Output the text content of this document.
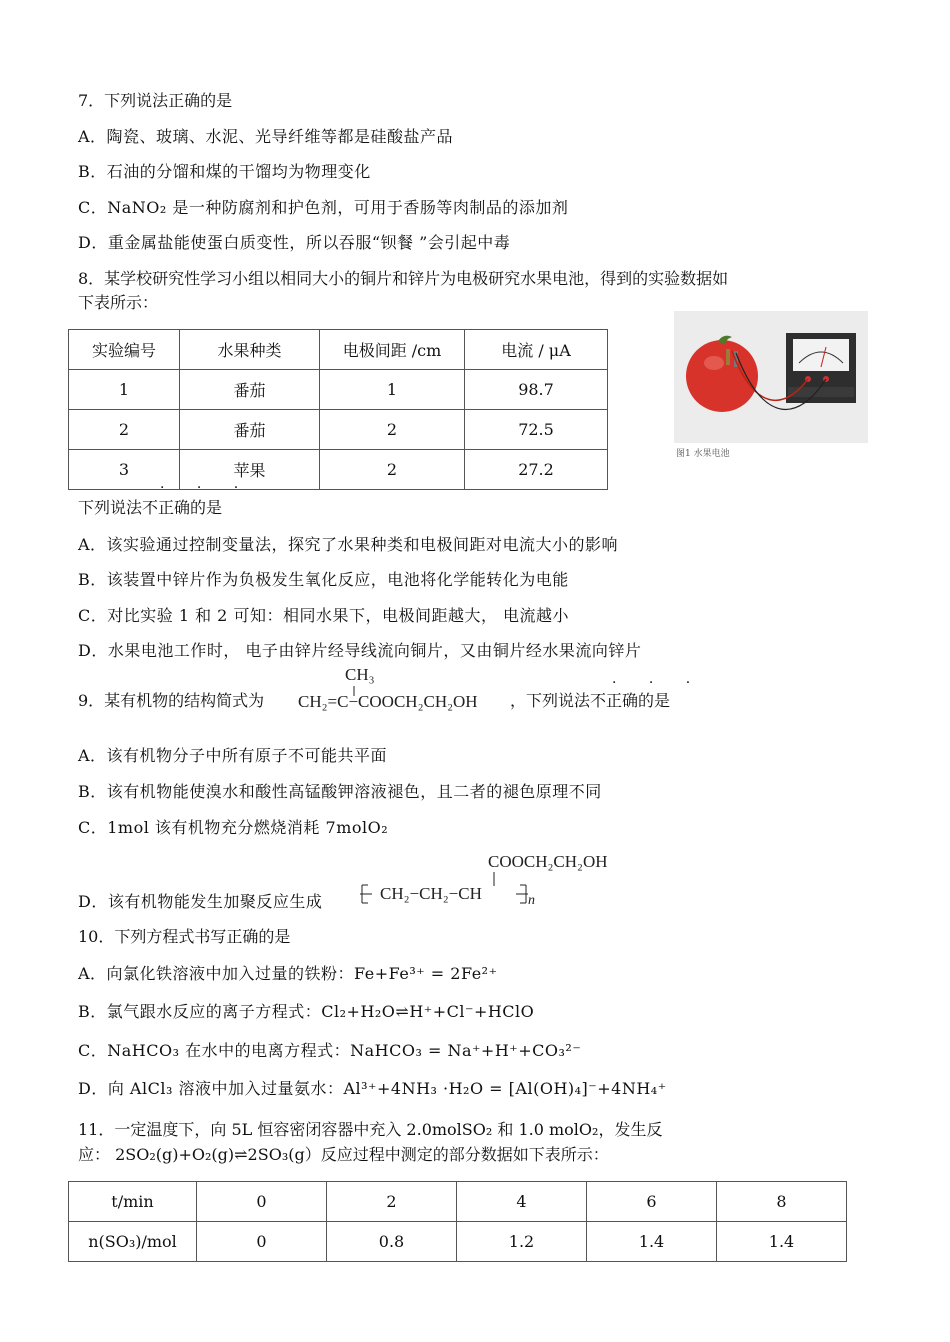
7．下列说法正确的是
A．陶瓷、玻璃、水泥、光导纤维等都是硅酸盐产品
B．石油的分馏和煤的干馏均为物理变化
C．NaNO₂ 是一种防腐剂和护色剂，可用于香肠等肉制品的添加剂
D．重金属盐能使蛋白质变性，所以吞服“钡餐 ”会引起中毒
8．某学校研究性学习小组以相同大小的铜片和锌片为电极研究水果电池，得到的实验数据如
下表所示：
实验编号	水果种类	电极间距 /cm	电流 / μA
1	番茄	1	98.7
2	番茄	2	72.5
3	苹果	2	27.2
图1 水果电池
· · ·
下列说法不正确的是
A．该实验通过控制变量法，探究了水果种类和电极间距对电流大小的影响
B．该装置中锌片作为负极发生氧化反应，电池将化学能转化为电能
C．对比实验 1 和 2 可知：相同水果下，电极间距越大， 电流越小
D．水果电池工作时， 电子由锌片经导线流向铜片，又由铜片经水果流向锌片
9．某有机物的结构简式为
CH₃
CH₂=C−COOCH₂CH₂OH
· · ·
，下列说法不正确的是
A．该有机物分子中所有原子不可能共平面
B．该有机物能使溴水和酸性高锰酸钾溶液褪色，且二者的褪色原理不同
C．1mol 该有机物充分燃烧消耗 7molO₂
COOCH₂CH₂OH
D．该有机物能发生加聚反应生成	CH₂−CH₂−CH	n
10．下列方程式书写正确的是
A．向氯化铁溶液中加入过量的铁粉：Fe+Fe³⁺ = 2Fe²⁺
B．氯气跟水反应的离子方程式：Cl₂+H₂O⇌H⁺+Cl⁻+HClO
C．NaHCO₃ 在水中的电离方程式：NaHCO₃ = Na⁺+H⁺+CO₃²⁻
D．向 AlCl₃ 溶液中加入过量氨水：Al³⁺+4NH₃ ·H₂O = [Al(OH)₄]⁻+4NH₄⁺
11．一定温度下，向 5L 恒容密闭容器中充入 2.0molSO₂ 和 1.0 molO₂，发生反
应： 2SO₂(g)+O₂(g)⇌2SO₃(g）反应过程中测定的部分数据如下表所示：
t/min	0	2	4	6	8
n(SO₃)/mol	0	0.8	1.2	1.4	1.4
